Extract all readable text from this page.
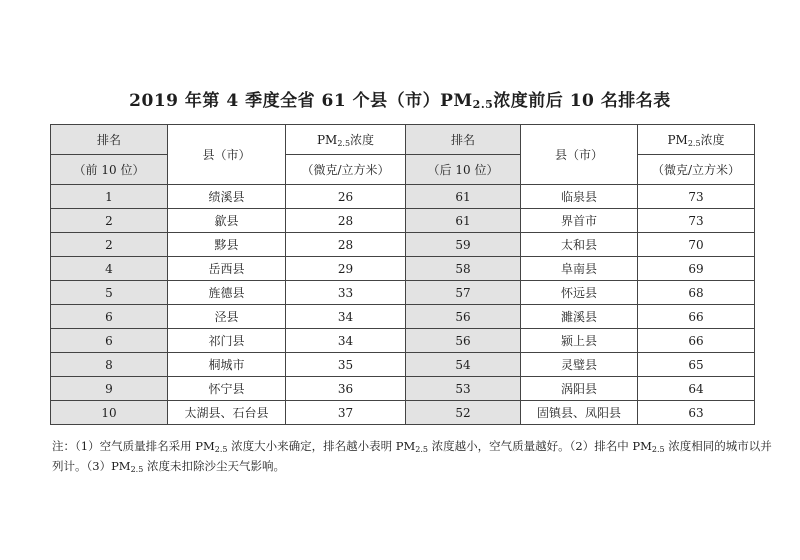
2019 年第 4 季度全省 61 个县（市）$PM_{2.5}$浓度前后 10 名排名表
排名	县（市）	$PM_{2.5}$浓度	排名	县（市）	$PM_{2.5}$浓度
（前 10 位）		（微克/立方米）	（后 10 位）		（微克/立方米）
1	绩溪县	26	61	临泉县	73
2	歙县	28	61	界首市	73
2	黟县	28	59	太和县	70
4	岳西县	29	58	阜南县	69
5	旌德县	33	57	怀远县	68
6	泾县	34	56	濉溪县	66
6	祁门县	34	56	颍上县	66
8	桐城市	35	54	灵璧县	65
9	怀宁县	36	53	涡阳县	64
10	太湖县、石台县	37	52	固镇县、凤阳县	63
注：（1）空气质量排名采用 $PM_{2.5}$ 浓度大小来确定，排名越小表明 $PM_{2.5}$ 浓度越小，空气质量越好。（2）排名中 $PM_{2.5}$ 浓度相同的城市以并列计。$(3)PM_{2.5}$ 浓度未扣除沙尘天气影响。
